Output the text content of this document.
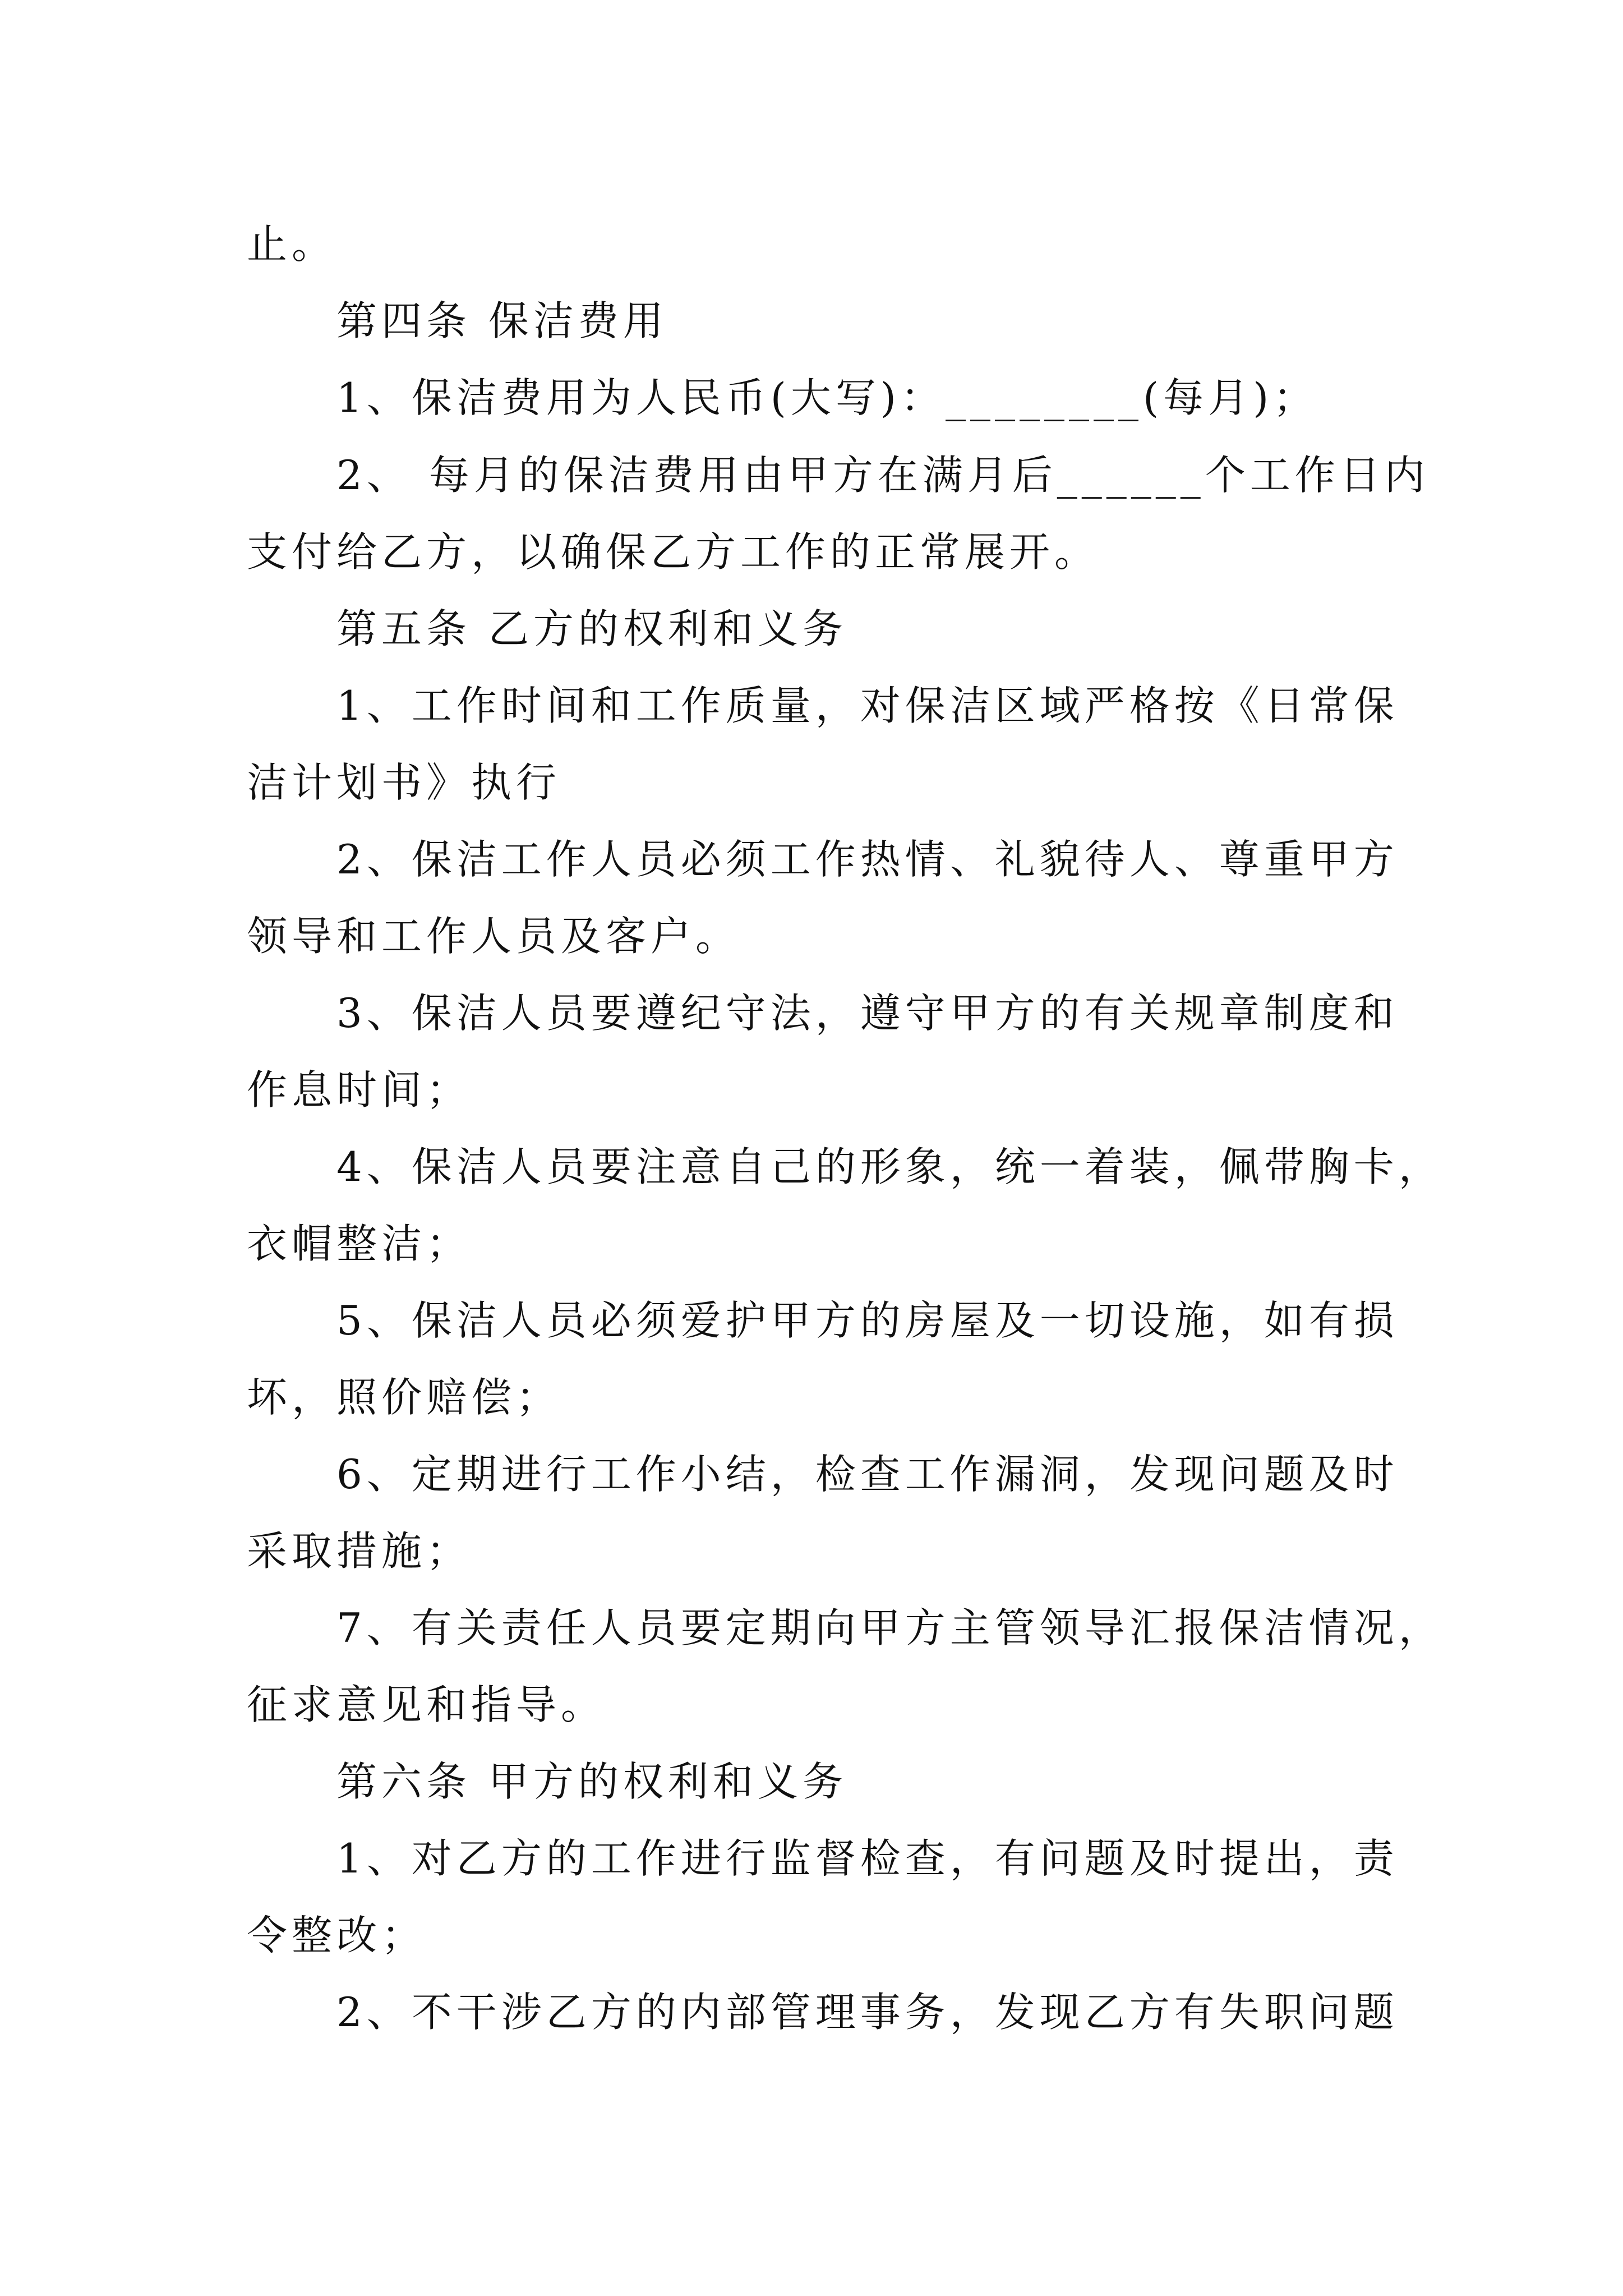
止。
第四条 保洁费用
1、保洁费用为人民币(大写)：________(每月)；
2、 每月的保洁费用由甲方在满月后______个工作日内
支付给乙方，以确保乙方工作的正常展开。
第五条 乙方的权利和义务
1、工作时间和工作质量，对保洁区域严格按《日常保
洁计划书》执行
2、保洁工作人员必须工作热情、礼貌待人、尊重甲方
领导和工作人员及客户。
3、保洁人员要遵纪守法，遵守甲方的有关规章制度和
作息时间；
4、保洁人员要注意自己的形象，统一着装，佩带胸卡，
衣帽整洁；
5、保洁人员必须爱护甲方的房屋及一切设施，如有损
坏，照价赔偿；
6、定期进行工作小结，检查工作漏洞，发现问题及时
采取措施；
7、有关责任人员要定期向甲方主管领导汇报保洁情况，
征求意见和指导。
第六条 甲方的权利和义务
1、对乙方的工作进行监督检查，有问题及时提出，责
令整改；
2、不干涉乙方的内部管理事务，发现乙方有失职问题
